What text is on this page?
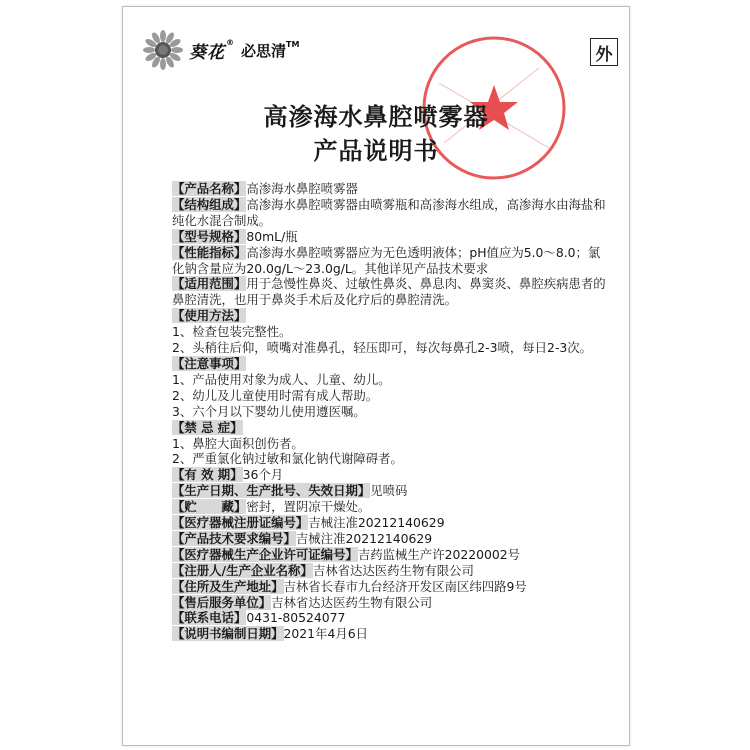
葵花® 必思清™
外
高渗海水鼻腔喷雾器
产品说明书

【产品名称】高渗海水鼻腔喷雾器

【结构组成】高渗海水鼻腔喷雾器由喷雾瓶和高渗海水组成，高渗海水由海盐和纯化水混合制成。

【型号规格】80mL/瓶

【性能指标】高渗海水鼻腔喷雾器应为无色透明液体；pH值应为5.0～8.0；氯化钠含量应为20.0g/L～23.0g/L。其他详见产品技术要求

【适用范围】用于急慢性鼻炎、过敏性鼻炎、鼻息肉、鼻窦炎、鼻腔疾病患者的鼻腔清洗，也用于鼻炎手术后及化疗后的鼻腔清洗。

【使用方法】

1、检查包装完整性。

2、头稍往后仰，喷嘴对准鼻孔，轻压即可，每次每鼻孔2-3喷，每日2-3次。

【注意事项】

1、产品使用对象为成人、儿童、幼儿。

2、幼儿及儿童使用时需有成人帮助。

3、六个月以下婴幼儿使用遵医嘱。

【禁 忌 症】

1、鼻腔大面积创伤者。

2、严重氯化钠过敏和氯化钠代谢障碍者。

【有 效 期】36个月

【生产日期、生产批号、失效日期】见喷码

【贮　　藏】密封，置阴凉干燥处。

【医疗器械注册证编号】吉械注准20212140629

【产品技术要求编号】吉械注准20212140629

【医疗器械生产企业许可证编号】吉药监械生产许20220002号

【注册人/生产企业名称】吉林省达达医药生物有限公司

【住所及生产地址】吉林省长春市九台经济开发区南区纬四路9号

【售后服务单位】吉林省达达医药生物有限公司

【联系电话】0431-80524077

【说明书编制日期】2021年4月6日
